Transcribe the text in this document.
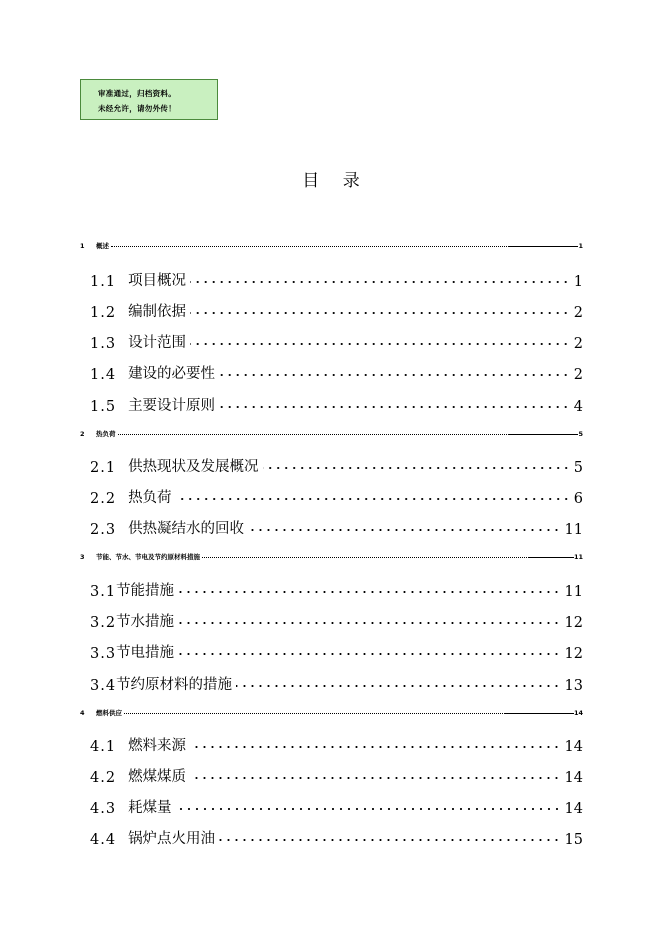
审准通过，归档资料。
未经允许，请勿外传！
目 录
1	概述	1
1.1 项目概况	1
1.2 编制依据	2
1.3 设计范围	2
1.4 建设的必要性	2
1.5 主要设计原则	4
2	热负荷	5
2.1 供热现状及发展概况	5
2.2 热负荷	6
2.3 供热凝结水的回收	11
3	节能、节水、节电及节约原材料措施	11
3.1 节能措施	11
3.2 节水措施	12
3.3 节电措施	12
3.4 节约原材料的措施	13
4	燃料供应	14
4.1 燃料来源	14
4.2 燃煤煤质	14
4.3 耗煤量	14
4.4 锅炉点火用油	15
